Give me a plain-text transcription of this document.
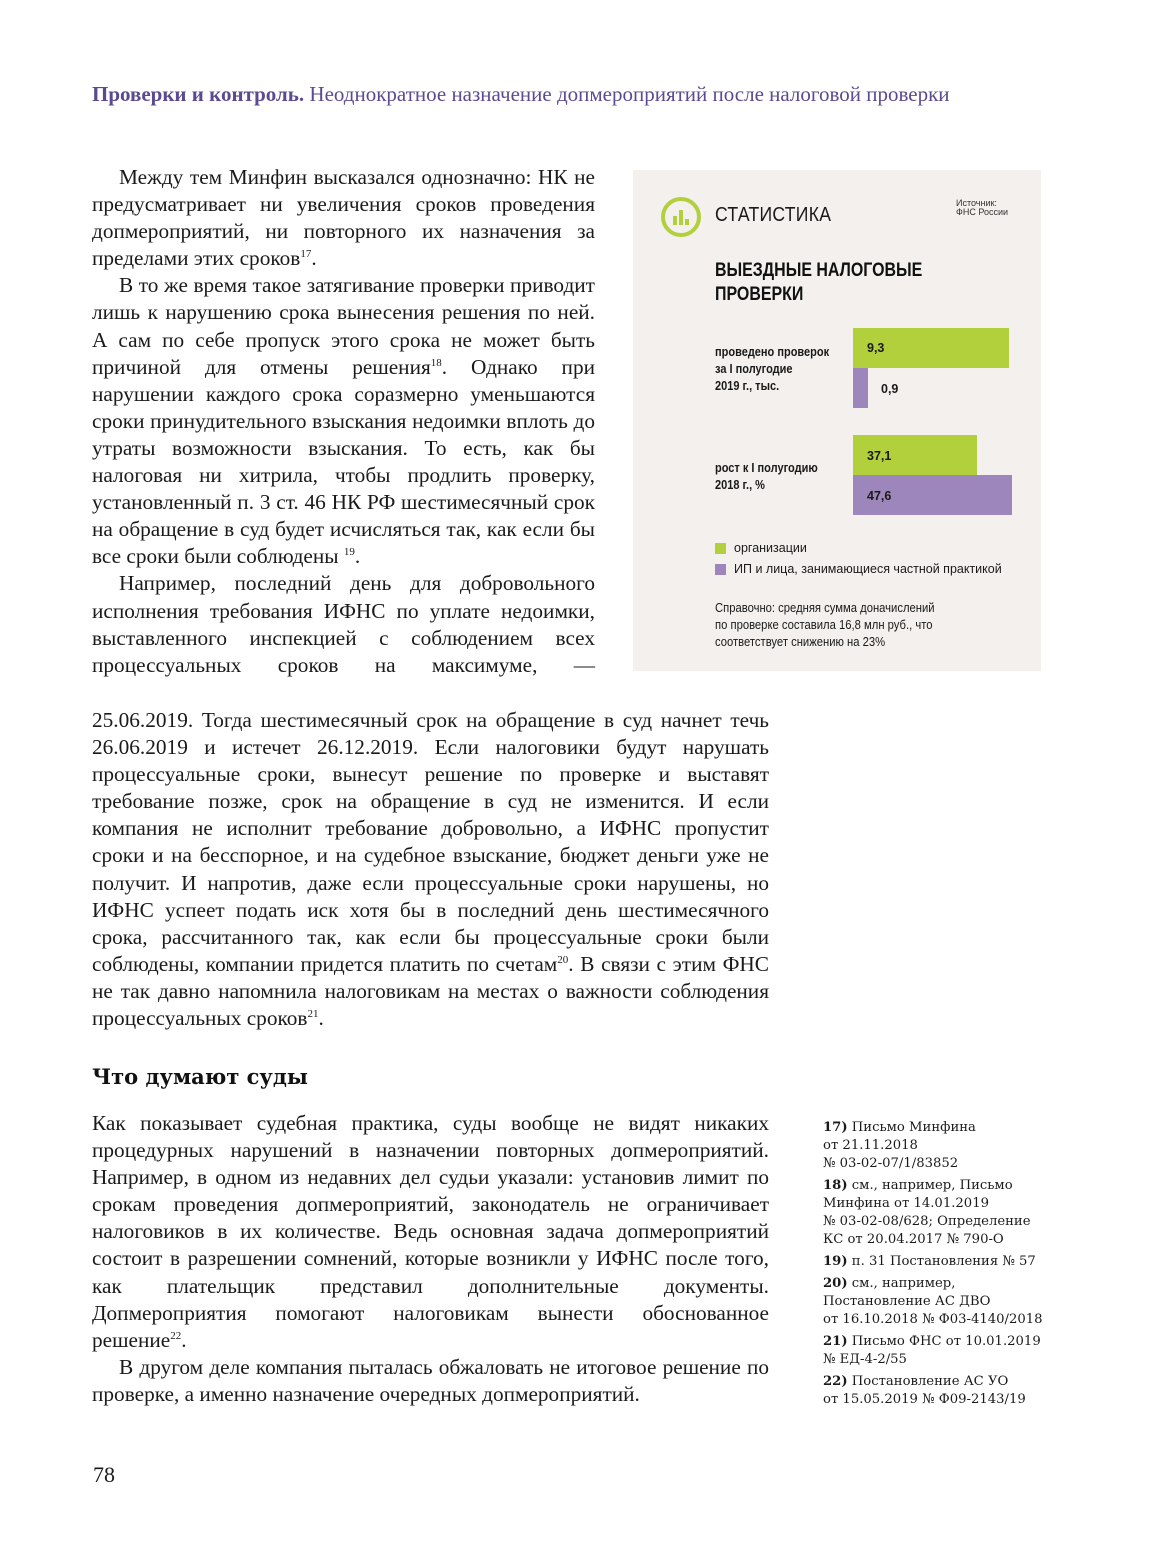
Проверки и контроль. Неоднократное назначение допмероприятий после налоговой проверки

Между тем Минфин высказался однозначно: НК не предусматривает ни увеличения сроков проведения допмероприятий, ни повторного их назначения за пределами этих сроков$^{17}$.

В то же время такое затягивание проверки приводит лишь к нарушению срока вынесения решения по ней. А сам по себе пропуск этого срока не может быть причиной для отмены решения$^{18}$. Однако при нарушении каждого срока соразмерно уменьшаются сроки принудительного взыскания недоимки вплоть до утраты возможности взыскания. То есть, как бы налоговая ни хитрила, чтобы продлить проверку, установленный п. 3 ст. 46 НК РФ шестимесячный срок на обращение в суд будет исчисляться так, как если бы все сроки были соблюдены $^{19}$.

Например, последний день для добровольного исполнения требования ИФНС по уплате недоимки, выставленного инспекцией с соблюдением всех процессуальных сроков на максимуме, —

25.06.2019. Тогда шестимесячный срок на обращение в суд начнет течь 26.06.2019 и истечет 26.12.2019. Если налоговики будут нарушать процессуальные сроки, вынесут решение по проверке и выставят требование позже, срок на обращение в суд не изменится. И если компания не исполнит требование добровольно, а ИФНС пропустит сроки и на бесспорное, и на судебное взыскание, бюджет деньги уже не получит. И напротив, даже если процессуальные сроки нарушены, но ИФНС успеет подать иск хотя бы в последний день шестимесячного срока, рассчитанного так, как если бы процессуальные сроки были соблюдены, компании придется платить по счетам$^{20}$. В связи с этим ФНС не так давно напомнила налоговикам на местах о важности соблюдения процессуальных сроков$^{21}$.

Что думают суды

Как показывает судебная практика, суды вообще не видят никаких процедурных нарушений в назначении повторных допмероприятий. Например, в одном из недавних дел судьи указали: установив лимит по срокам проведения допмероприятий, законодатель не ограничивает налоговиков в их количестве. Ведь основная задача допмероприятий состоит в разрешении сомнений, которые возникли у ИФНС после того, как плательщик представил дополнительные документы. Допмероприятия помогают налоговикам вынести обоснованное решение$^{22}$.

В другом деле компания пыталась обжаловать не итоговое решение по проверке, а именно назначение очередных допмероприятий.

СТАТИСТИКА
Источник:
ФНС России
ВЫЕЗДНЫЕ НАЛОГОВЫЕ
ПРОВЕРКИ
проведено проверок
за I полугодие
2019 г., тыс.
9,3
0,9
рост к I полугодию
2018 г., %
37,1
47,6
организации
ИП и лица, занимающиеся частной практикой
Справочно: средняя сумма доначислений
по проверке составила 16,8 млн руб., что
соответствует снижению на 23%
17) Письмо Минфина
от 21.11.2018
№ 03-02-07/1/83852
18) см., например, Письмо
Минфина от 14.01.2019
№ 03-02-08/628; Определение
КС от 20.04.2017 № 790-О
19) п. 31 Постановления № 57
20) см., например,
Постановление АС ДВО
от 16.10.2018 № Ф03-4140/2018
21) Письмо ФНС от 10.01.2019
№ ЕД-4-2/55
22) Постановление АС УО
от 15.05.2019 № Ф09-2143/19
78
